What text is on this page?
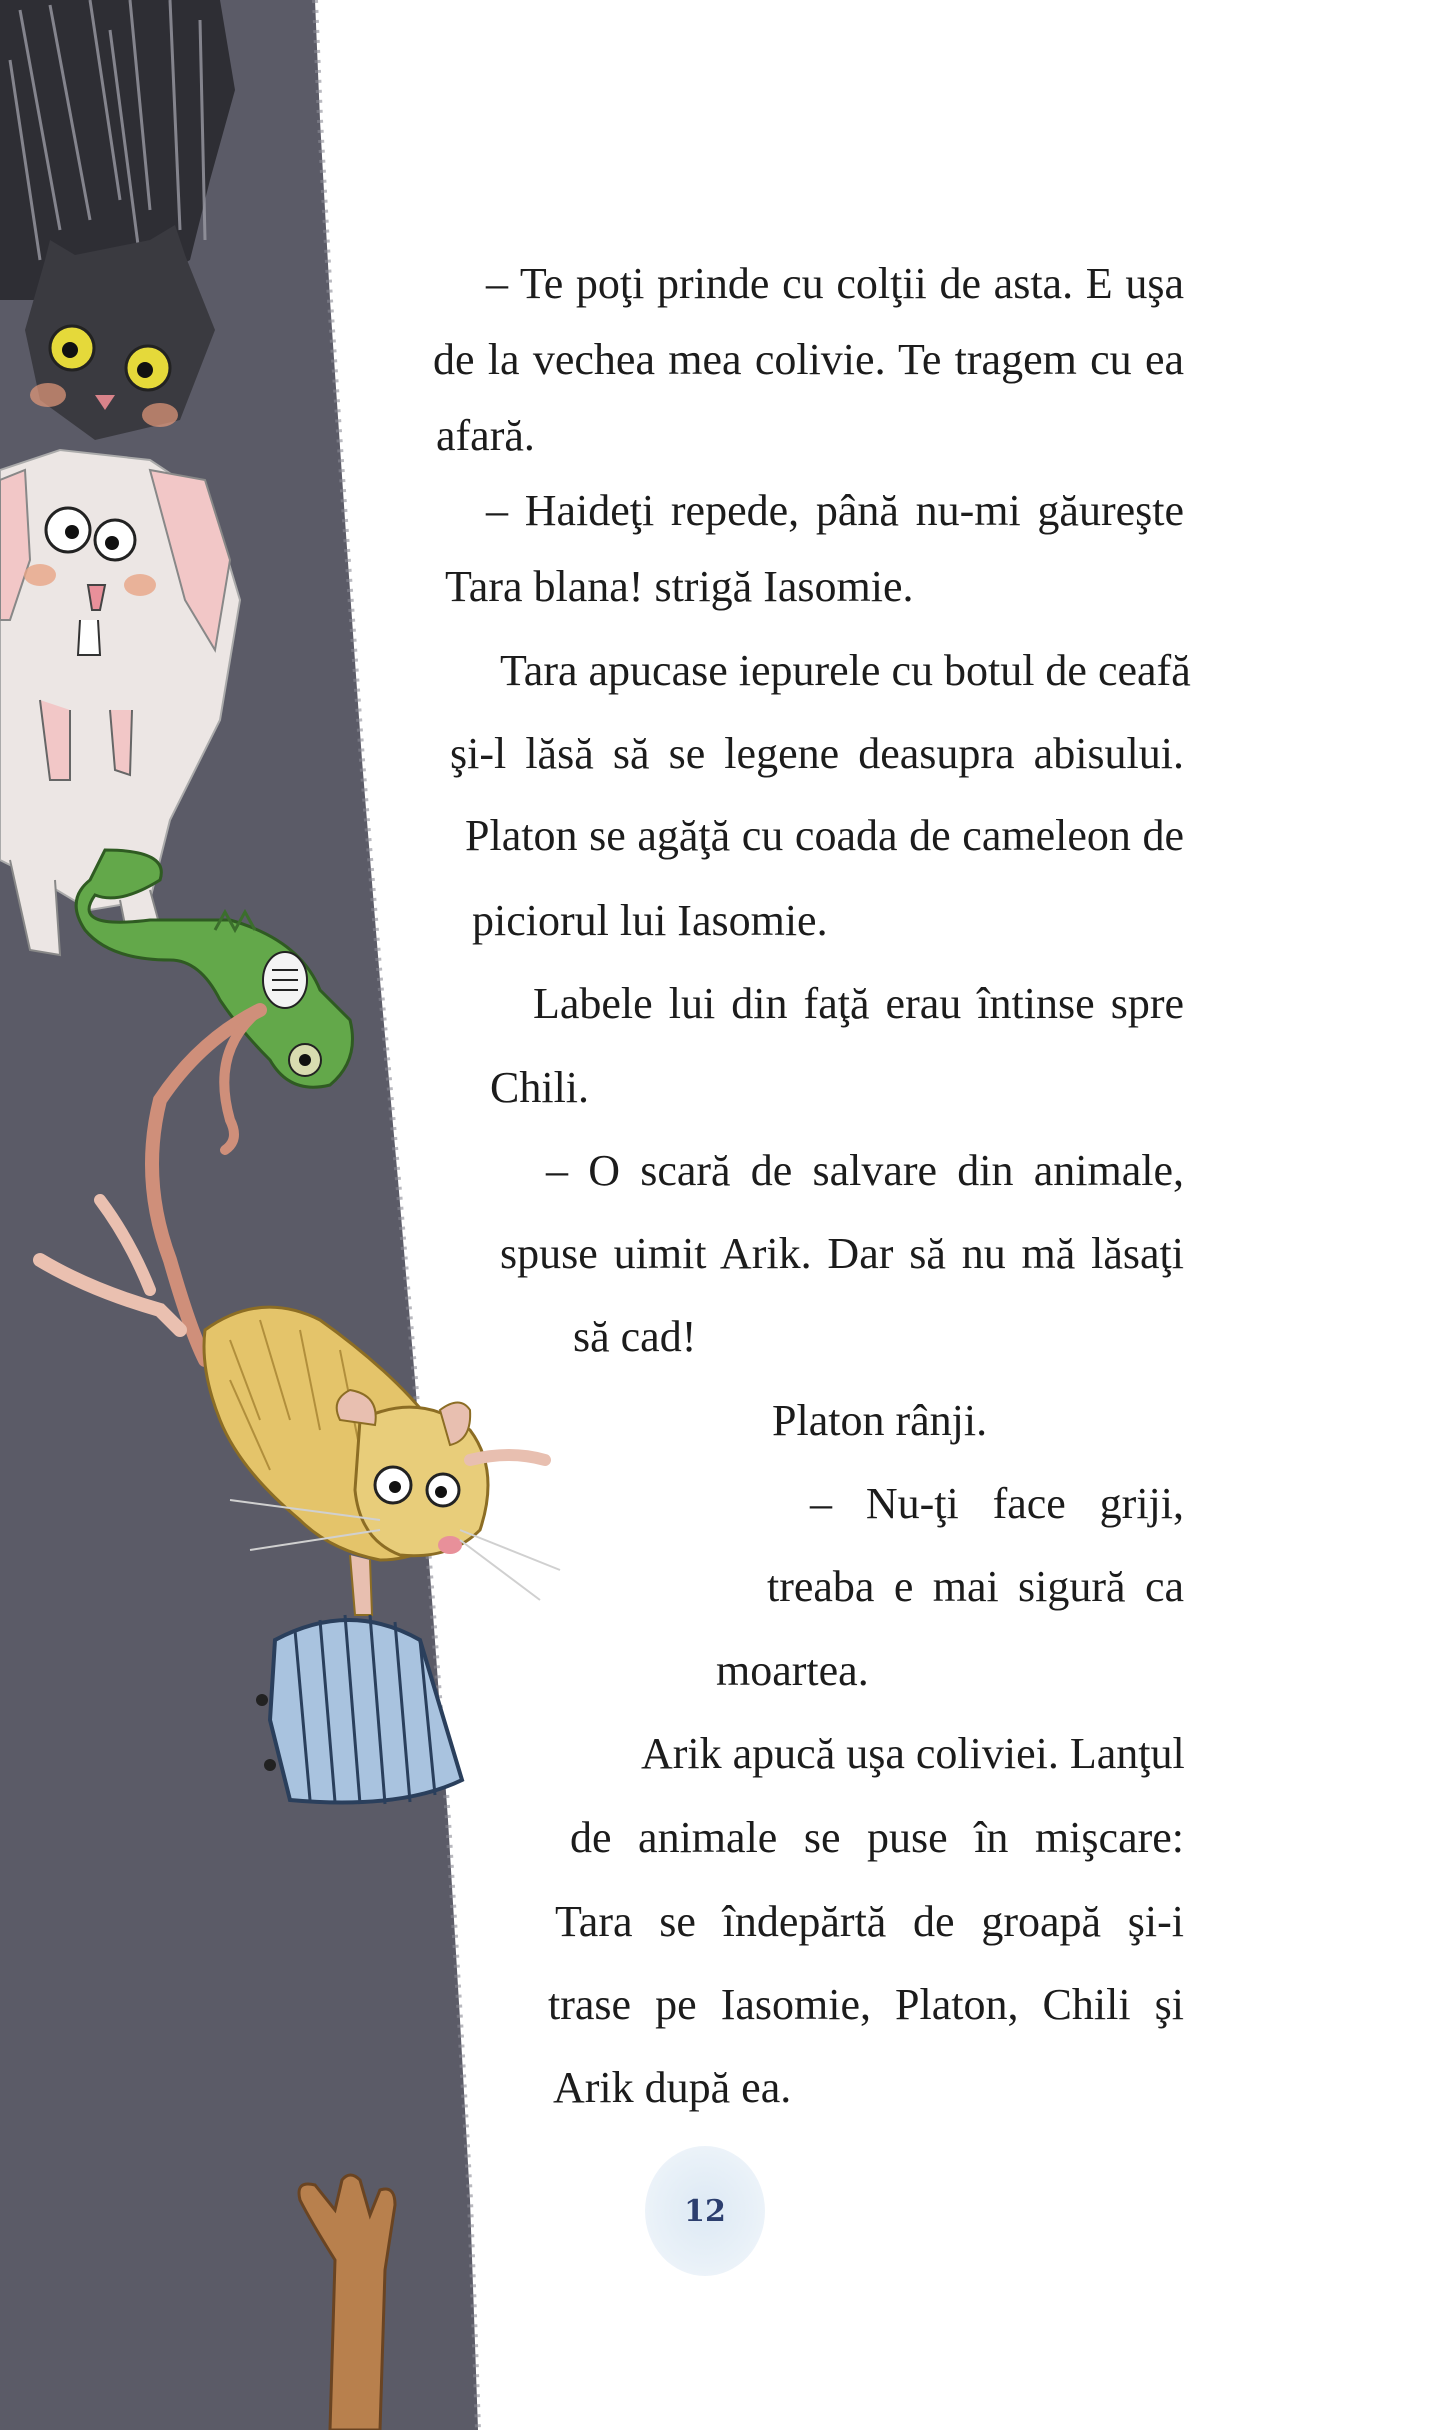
– Te poţi prinde cu colţii de asta. E uşa
de la vechea mea colivie. Te tragem cu ea
afară.
– Haideţi repede, până nu-mi găureşte
Tara blana! strigă Iasomie.
Tara apucase iepurele cu botul de ceafă
şi-l lăsă să se legene deasupra abisului.
Platon se agăţă cu coada de cameleon de
piciorul lui Iasomie.
Labele lui din faţă erau întinse spre
Chili.
– O scară de salvare din animale,
spuse uimit Arik. Dar să nu mă lăsaţi
să cad!
Platon rânji.
– Nu-ţi face griji,
treaba e mai sigură ca
moartea.
Arik apucă uşa coliviei. Lanţul
de animale se puse în mişcare:
Tara se îndepărtă de groapă şi-i
trase pe Iasomie, Platon, Chili şi
Arik după ea.
12
